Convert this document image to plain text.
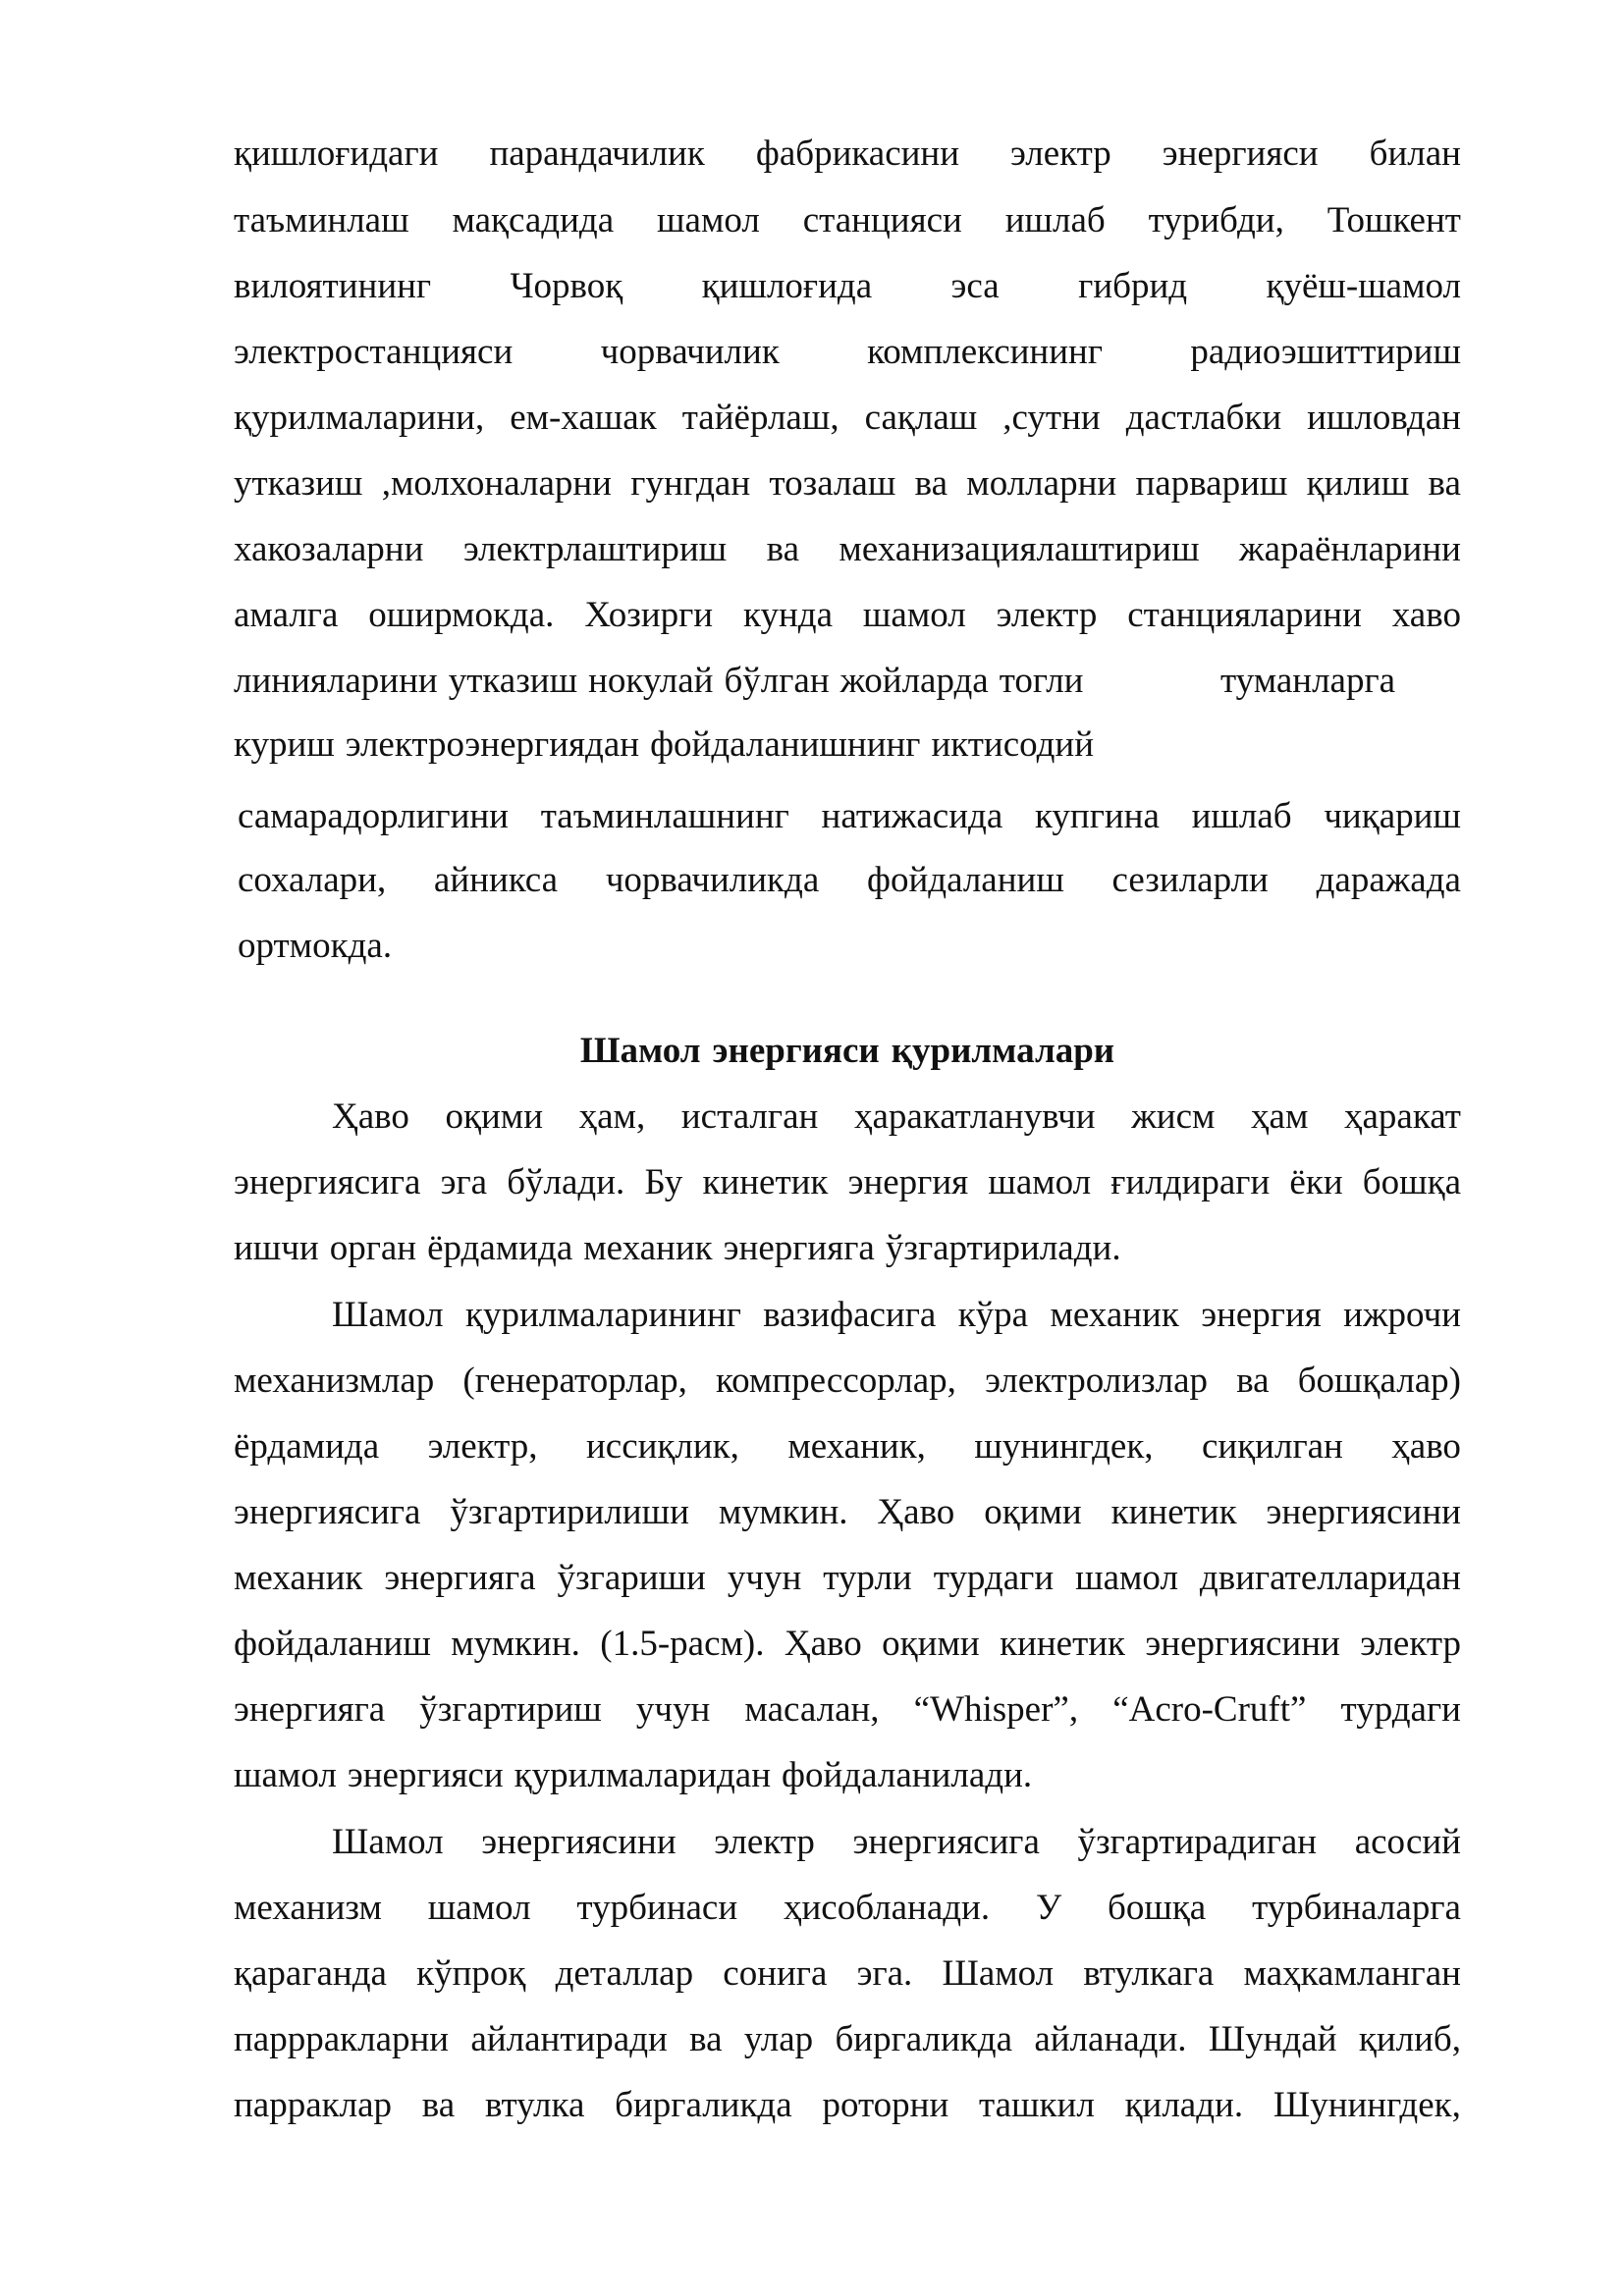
қишлоғидаги парандачилик фабрикасини электр энергияси билан
таъминлаш мақсадида шамол станцияси ишлаб турибди, Тошкент
вилоятининг Чорвоқ қишлоғида эса гибрид қуёш-шамол
электростанцияси чорвачилик комплексининг радиоэшиттириш
қурилмаларини, ем-хашак тайёрлаш, сақлаш ,сутни дастлабки ишловдан
утказиш ,молхоналарни гунгдан тозалаш ва молларни парвариш қилиш ва
хакозаларни электрлаштириш ва механизациялаштириш жараёнларини
амалга оширмокда. Хозирги кунда шамол электр станцияларини хаво
линияларини утказиш нокулай бўлган жойларда тогли	туманларга
куриш электроэнергиядан фойдаланишнинг иктисодий
самарадорлигини таъминлашнинг натижасида купгина ишлаб чиқариш
сохалари, айникса чорвачиликда фойдаланиш сезиларли даражада
ортмокда.
Шамол энергияси қурилмалари
Ҳаво оқими ҳам, исталган ҳаракатланувчи жисм ҳам ҳаракат
энергиясига эга бўлади. Бу кинетик энергия шамол ғилдираги ёки бошқа
ишчи орган ёрдамида механик энергияга ўзгартирилади.
Шамол қурилмаларининг вазифасига кўра механик энергия ижрочи
механизмлар (генераторлар, компрессорлар, электролизлар ва бошқалар)
ёрдамида электр, иссиқлик, механик, шунингдек, сиқилган ҳаво
энергиясига ўзгартирилиши мумкин. Ҳаво оқими кинетик энергиясини
механик энергияга ўзгариши учун турли турдаги шамол двигателларидан
фойдаланиш мумкин. (1.5-расм). Ҳаво оқими кинетик энергиясини электр
энергияга ўзгартириш учун масалан, “Whisper”, “Acro-Cruft” турдаги
шамол энергияси қурилмаларидан фойдаланилади.
Шамол энергиясини электр энергиясига ўзгартирадиган асосий
механизм шамол турбинаси ҳисобланади. У бошқа турбиналарга
қараганда кўпроқ деталлар сонига эга. Шамол втулкага маҳкамланган
паррракларни айлантиради ва улар биргаликда айланади. Шундай қилиб,
парраклар ва втулка биргаликда роторни ташкил қилади. Шунингдек,
